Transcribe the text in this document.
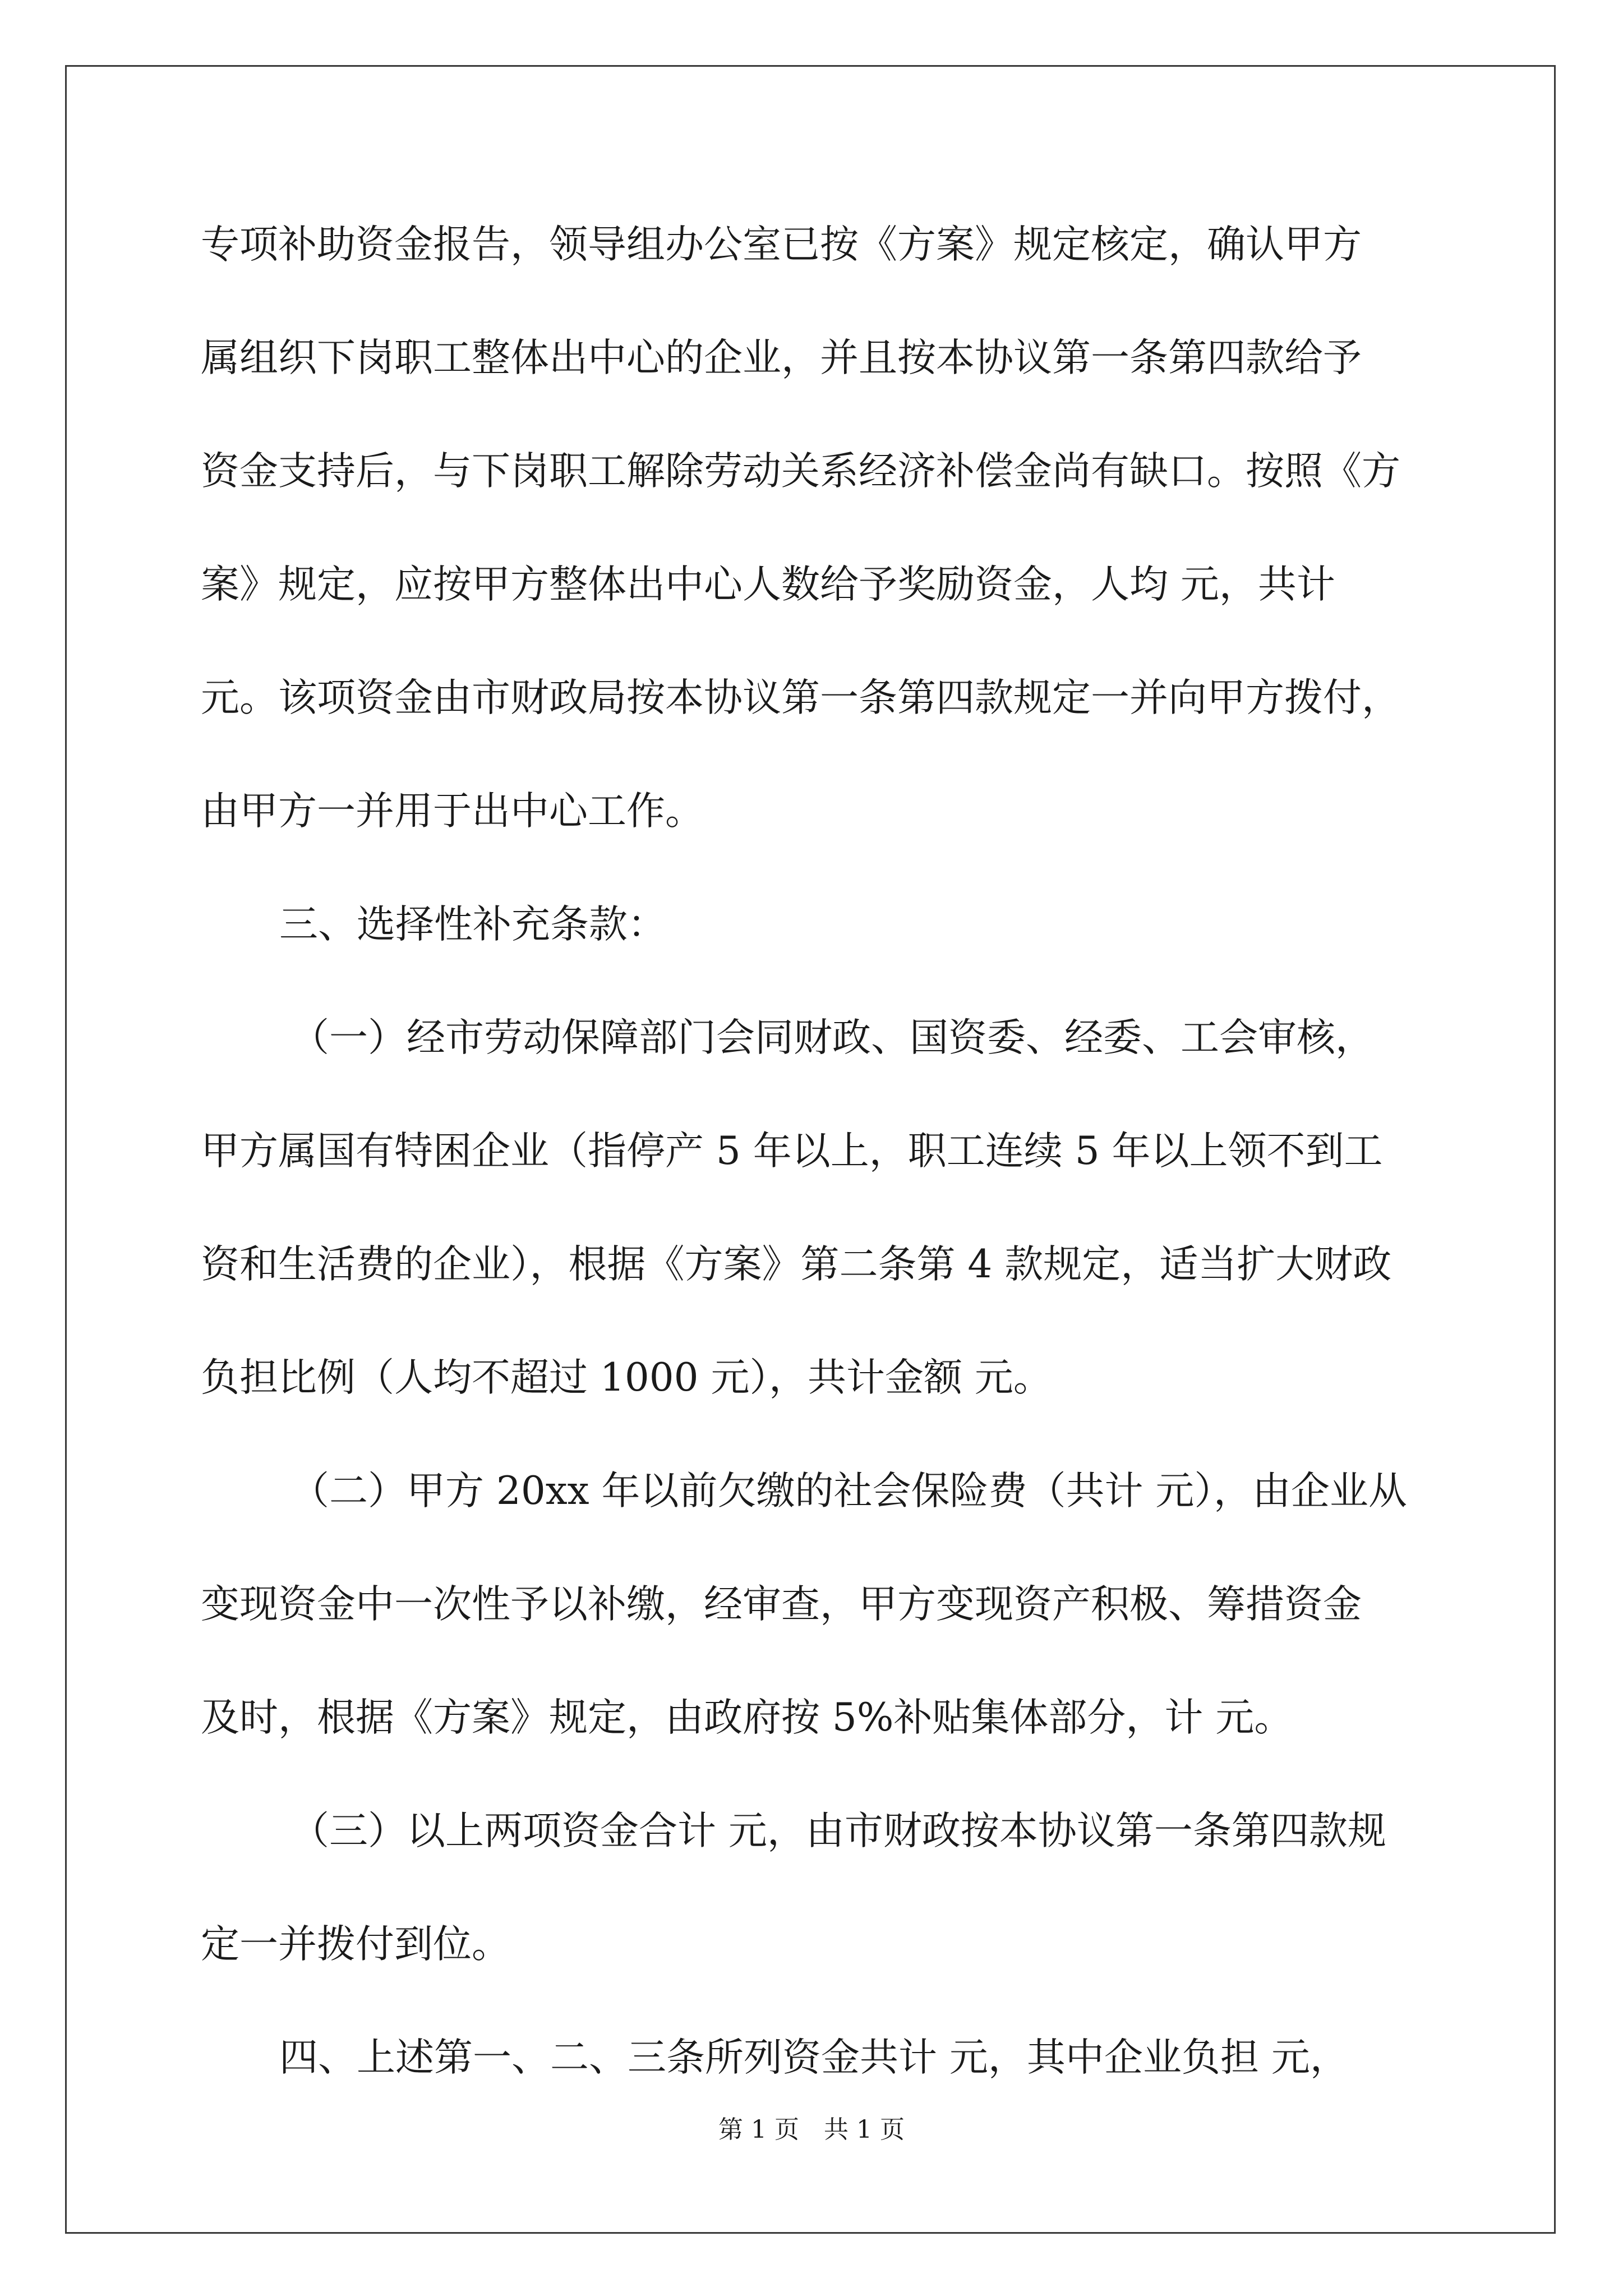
专项补助资金报告，领导组办公室已按《方案》规定核定，确认甲方
属组织下岗职工整体出中心的企业，并且按本协议第一条第四款给予
资金支持后，与下岗职工解除劳动关系经济补偿金尚有缺口。按照《方
案》规定，应按甲方整体出中心人数给予奖励资金，人均 元，共计
元。该项资金由市财政局按本协议第一条第四款规定一并向甲方拨付，
由甲方一并用于出中心工作。
三、选择性补充条款：
（一）经市劳动保障部门会同财政、国资委、经委、工会审核，
甲方属国有特困企业（指停产 5 年以上，职工连续 5 年以上领不到工
资和生活费的企业），根据《方案》第二条第 4 款规定，适当扩大财政
负担比例（人均不超过 1000 元），共计金额 元。
（二）甲方 20xx 年以前欠缴的社会保险费（共计 元），由企业从
变现资金中一次性予以补缴，经审查，甲方变现资产积极、筹措资金
及时，根据《方案》规定，由政府按 5%补贴集体部分，计 元。
（三）以上两项资金合计 元，由市财政按本协议第一条第四款规
定一并拨付到位。
四、上述第一、二、三条所列资金共计 元，其中企业负担 元，
第 1 页　共 1 页
